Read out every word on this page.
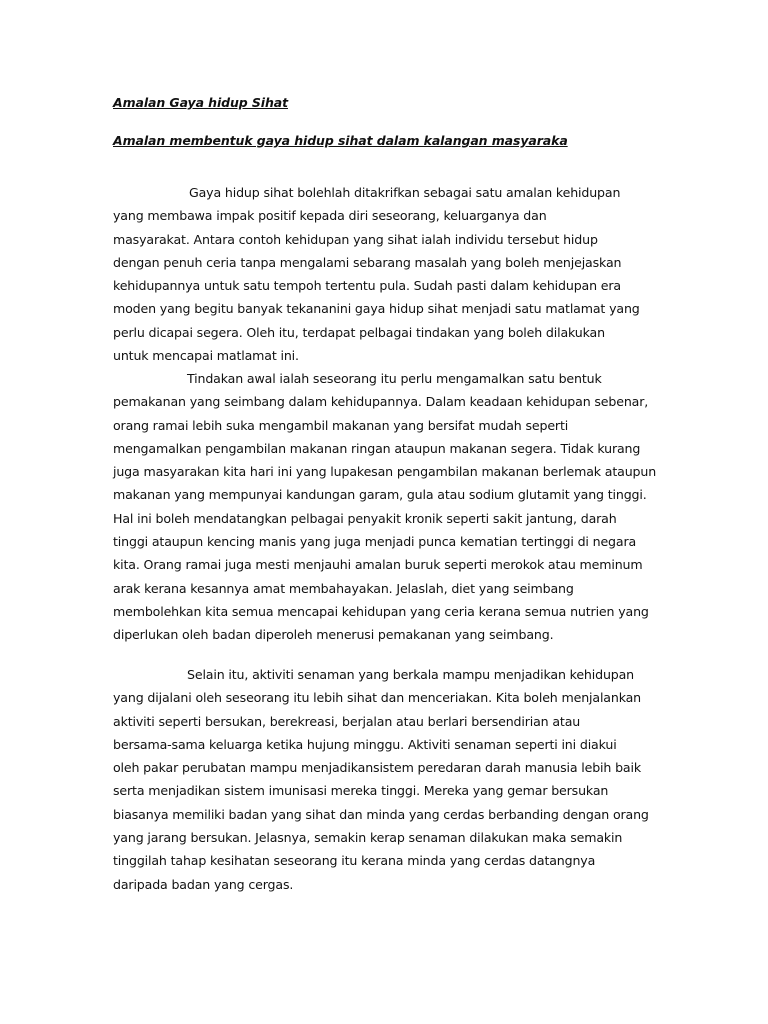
Amalan Gaya hidup Sihat
Amalan membentuk gaya hidup sihat dalam kalangan masyaraka
Gaya hidup sihat bolehlah ditakrifkan sebagai satu amalan kehidupan
yang membawa impak positif kepada diri seseorang, keluarganya dan
masyarakat. Antara contoh kehidupan yang sihat ialah individu tersebut hidup
dengan penuh ceria tanpa mengalami sebarang masalah yang boleh menjejaskan
kehidupannya untuk satu tempoh tertentu pula. Sudah pasti dalam kehidupan era
moden yang begitu banyak tekananini gaya hidup sihat menjadi satu matlamat yang
perlu dicapai segera. Oleh itu, terdapat pelbagai tindakan yang boleh dilakukan
untuk mencapai matlamat ini.
Tindakan awal ialah seseorang itu perlu mengamalkan satu bentuk
pemakanan yang seimbang dalam kehidupannya. Dalam keadaan kehidupan sebenar,
orang ramai lebih suka mengambil makanan yang bersifat mudah seperti
mengamalkan pengambilan makanan ringan ataupun makanan segera. Tidak kurang
juga masyarakan kita hari ini yang lupakesan pengambilan makanan berlemak ataupun
makanan yang mempunyai kandungan garam, gula atau sodium glutamit yang tinggi.
Hal ini boleh mendatangkan pelbagai penyakit kronik seperti sakit jantung, darah
tinggi ataupun kencing manis yang juga menjadi punca kematian tertinggi di negara
kita. Orang ramai juga mesti menjauhi amalan buruk seperti merokok atau meminum
arak kerana kesannya amat membahayakan. Jelaslah, diet yang seimbang
membolehkan kita semua mencapai kehidupan yang ceria kerana semua nutrien yang
diperlukan oleh badan diperoleh menerusi pemakanan yang seimbang.
Selain itu, aktiviti senaman yang berkala mampu menjadikan kehidupan
yang dijalani oleh seseorang itu lebih sihat dan menceriakan. Kita boleh menjalankan
aktiviti seperti bersukan, berekreasi, berjalan atau berlari bersendirian atau
bersama-sama keluarga ketika hujung minggu. Aktiviti senaman seperti ini diakui
oleh pakar perubatan mampu menjadikansistem peredaran darah manusia lebih baik
serta menjadikan sistem imunisasi mereka tinggi. Mereka yang gemar bersukan
biasanya memiliki badan yang sihat dan minda yang cerdas berbanding dengan orang
yang jarang bersukan. Jelasnya, semakin kerap senaman dilakukan maka semakin
tinggilah tahap kesihatan seseorang itu kerana minda yang cerdas datangnya
daripada badan yang cergas.
